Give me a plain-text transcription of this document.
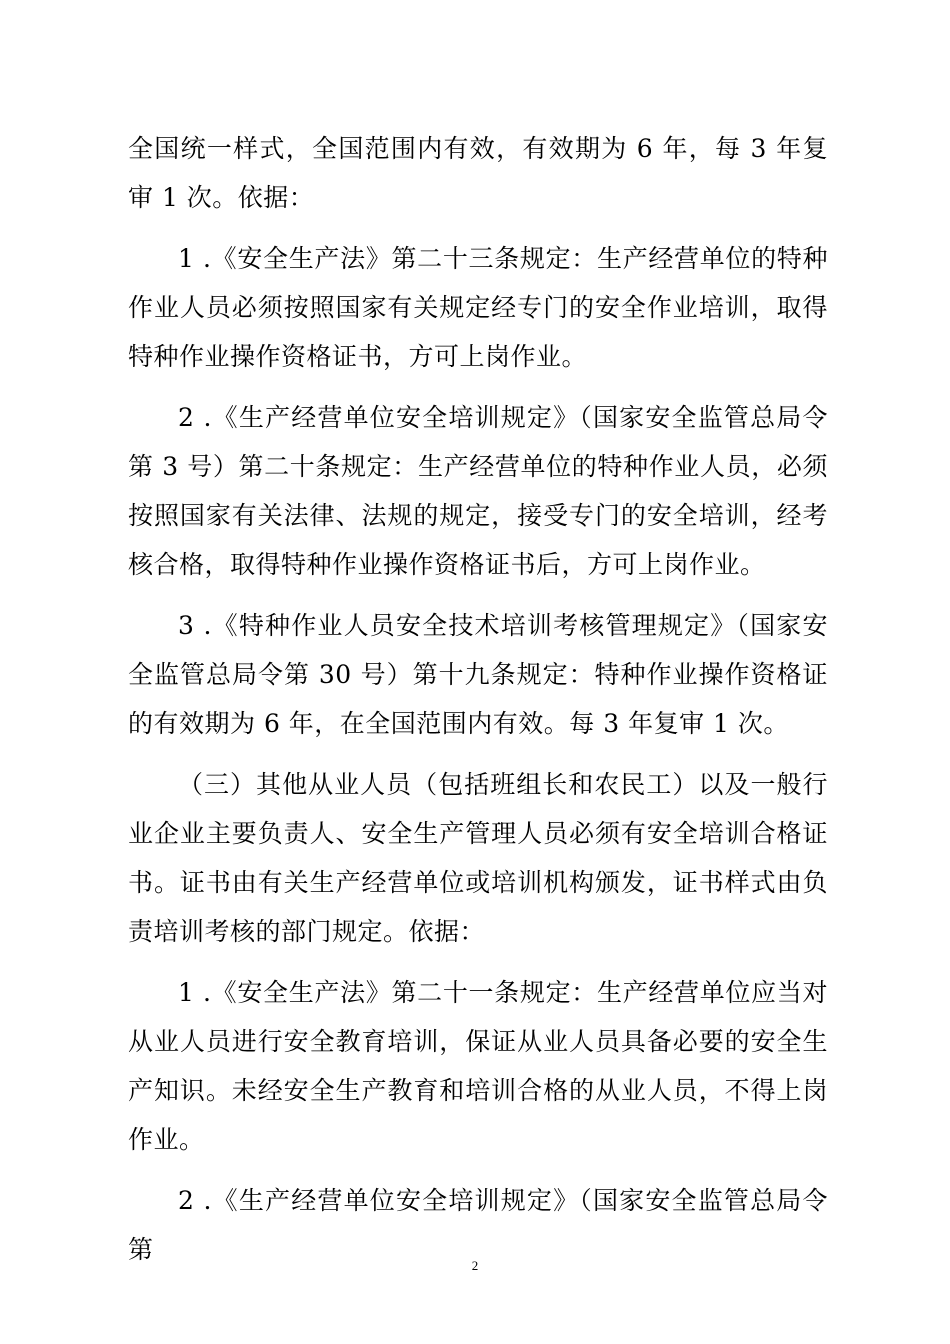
全国统一样式，全国范围内有效，有效期为 6 年，每 3 年复审 1 次。依据：

1 .《安全生产法》第二十三条规定：生产经营单位的特种作业人员必须按照国家有关规定经专门的安全作业培训，取得特种作业操作资格证书，方可上岗作业。

2 .《生产经营单位安全培训规定》（国家安全监管总局令第 3 号）第二十条规定：生产经营单位的特种作业人员，必须按照国家有关法律、法规的规定，接受专门的安全培训，经考核合格，取得特种作业操作资格证书后，方可上岗作业。

3 .《特种作业人员安全技术培训考核管理规定》（国家安全监管总局令第 30 号）第十九条规定：特种作业操作资格证的有效期为 6 年，在全国范围内有效。每 3 年复审 1 次。

（三）其他从业人员（包括班组长和农民工）以及一般行业企业主要负责人、安全生产管理人员必须有安全培训合格证书。证书由有关生产经营单位或培训机构颁发，证书样式由负责培训考核的部门规定。依据：

1 .《安全生产法》第二十一条规定：生产经营单位应当对从业人员进行安全教育培训，保证从业人员具备必要的安全生产知识。未经安全生产教育和培训合格的从业人员，不得上岗作业。

2 .《生产经营单位安全培训规定》（国家安全监管总局令第

2
